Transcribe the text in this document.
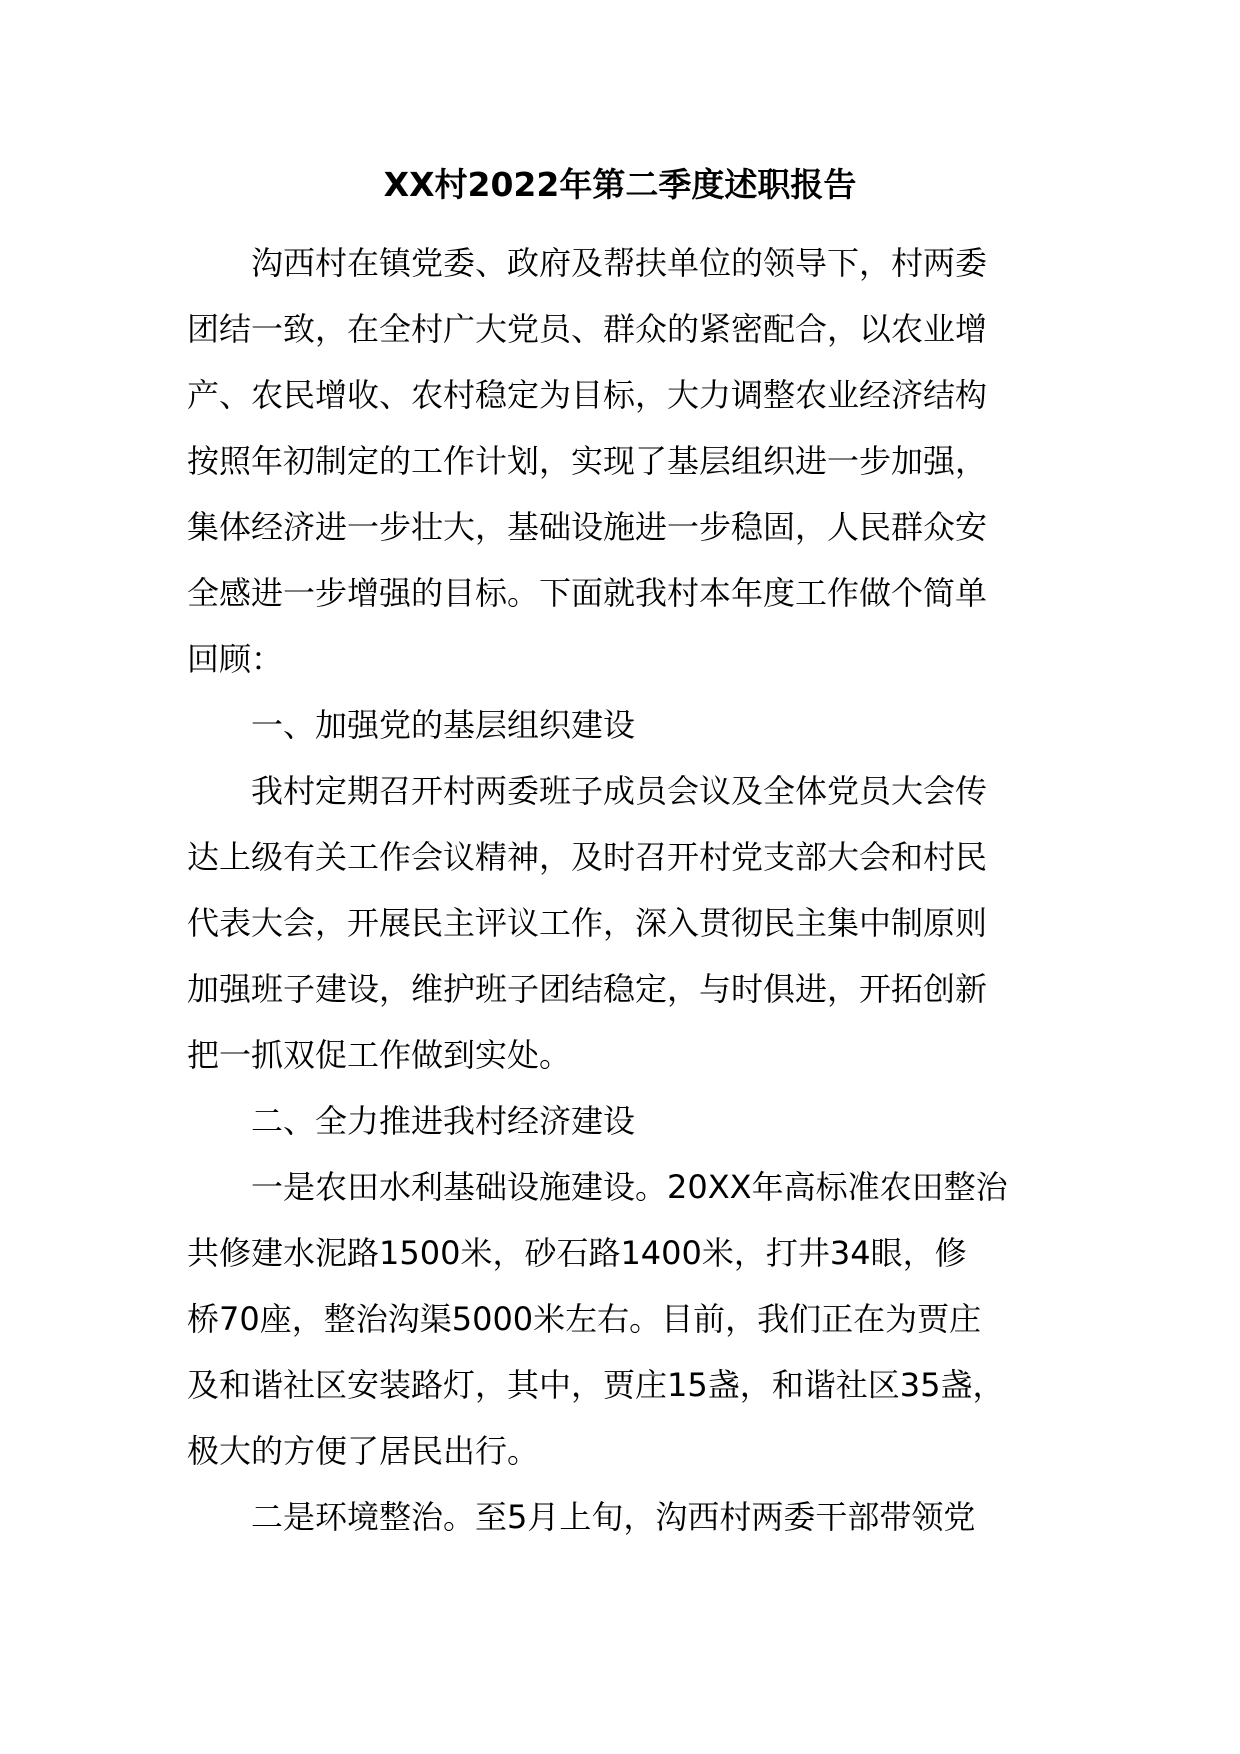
XX村2022年第二季度述职报告

沟西村在镇党委、政府及帮扶单位的领导下，村两委
团结一致，在全村广大党员、群众的紧密配合，以农业增
产、农民增收、农村稳定为目标，大力调整农业经济结构
按照年初制定的工作计划，实现了基层组织进一步加强，
集体经济进一步壮大，基础设施进一步稳固，人民群众安
全感进一步增强的目标。下面就我村本年度工作做个简单
回顾：

一、加强党的基层组织建设

我村定期召开村两委班子成员会议及全体党员大会传
达上级有关工作会议精神，及时召开村党支部大会和村民
代表大会，开展民主评议工作，深入贯彻民主集中制原则
加强班子建设，维护班子团结稳定，与时俱进，开拓创新
把一抓双促工作做到实处。

二、全力推进我村经济建设

一是农田水利基础设施建设。20XX年高标准农田整治
共修建水泥路1500米，砂石路1400米，打井34眼，修
桥70座，整治沟渠5000米左右。目前，我们正在为贾庄
及和谐社区安装路灯，其中，贾庄15盏，和谐社区35盏，
极大的方便了居民出行。

二是环境整治。至5月上旬，沟西村两委干部带领党
